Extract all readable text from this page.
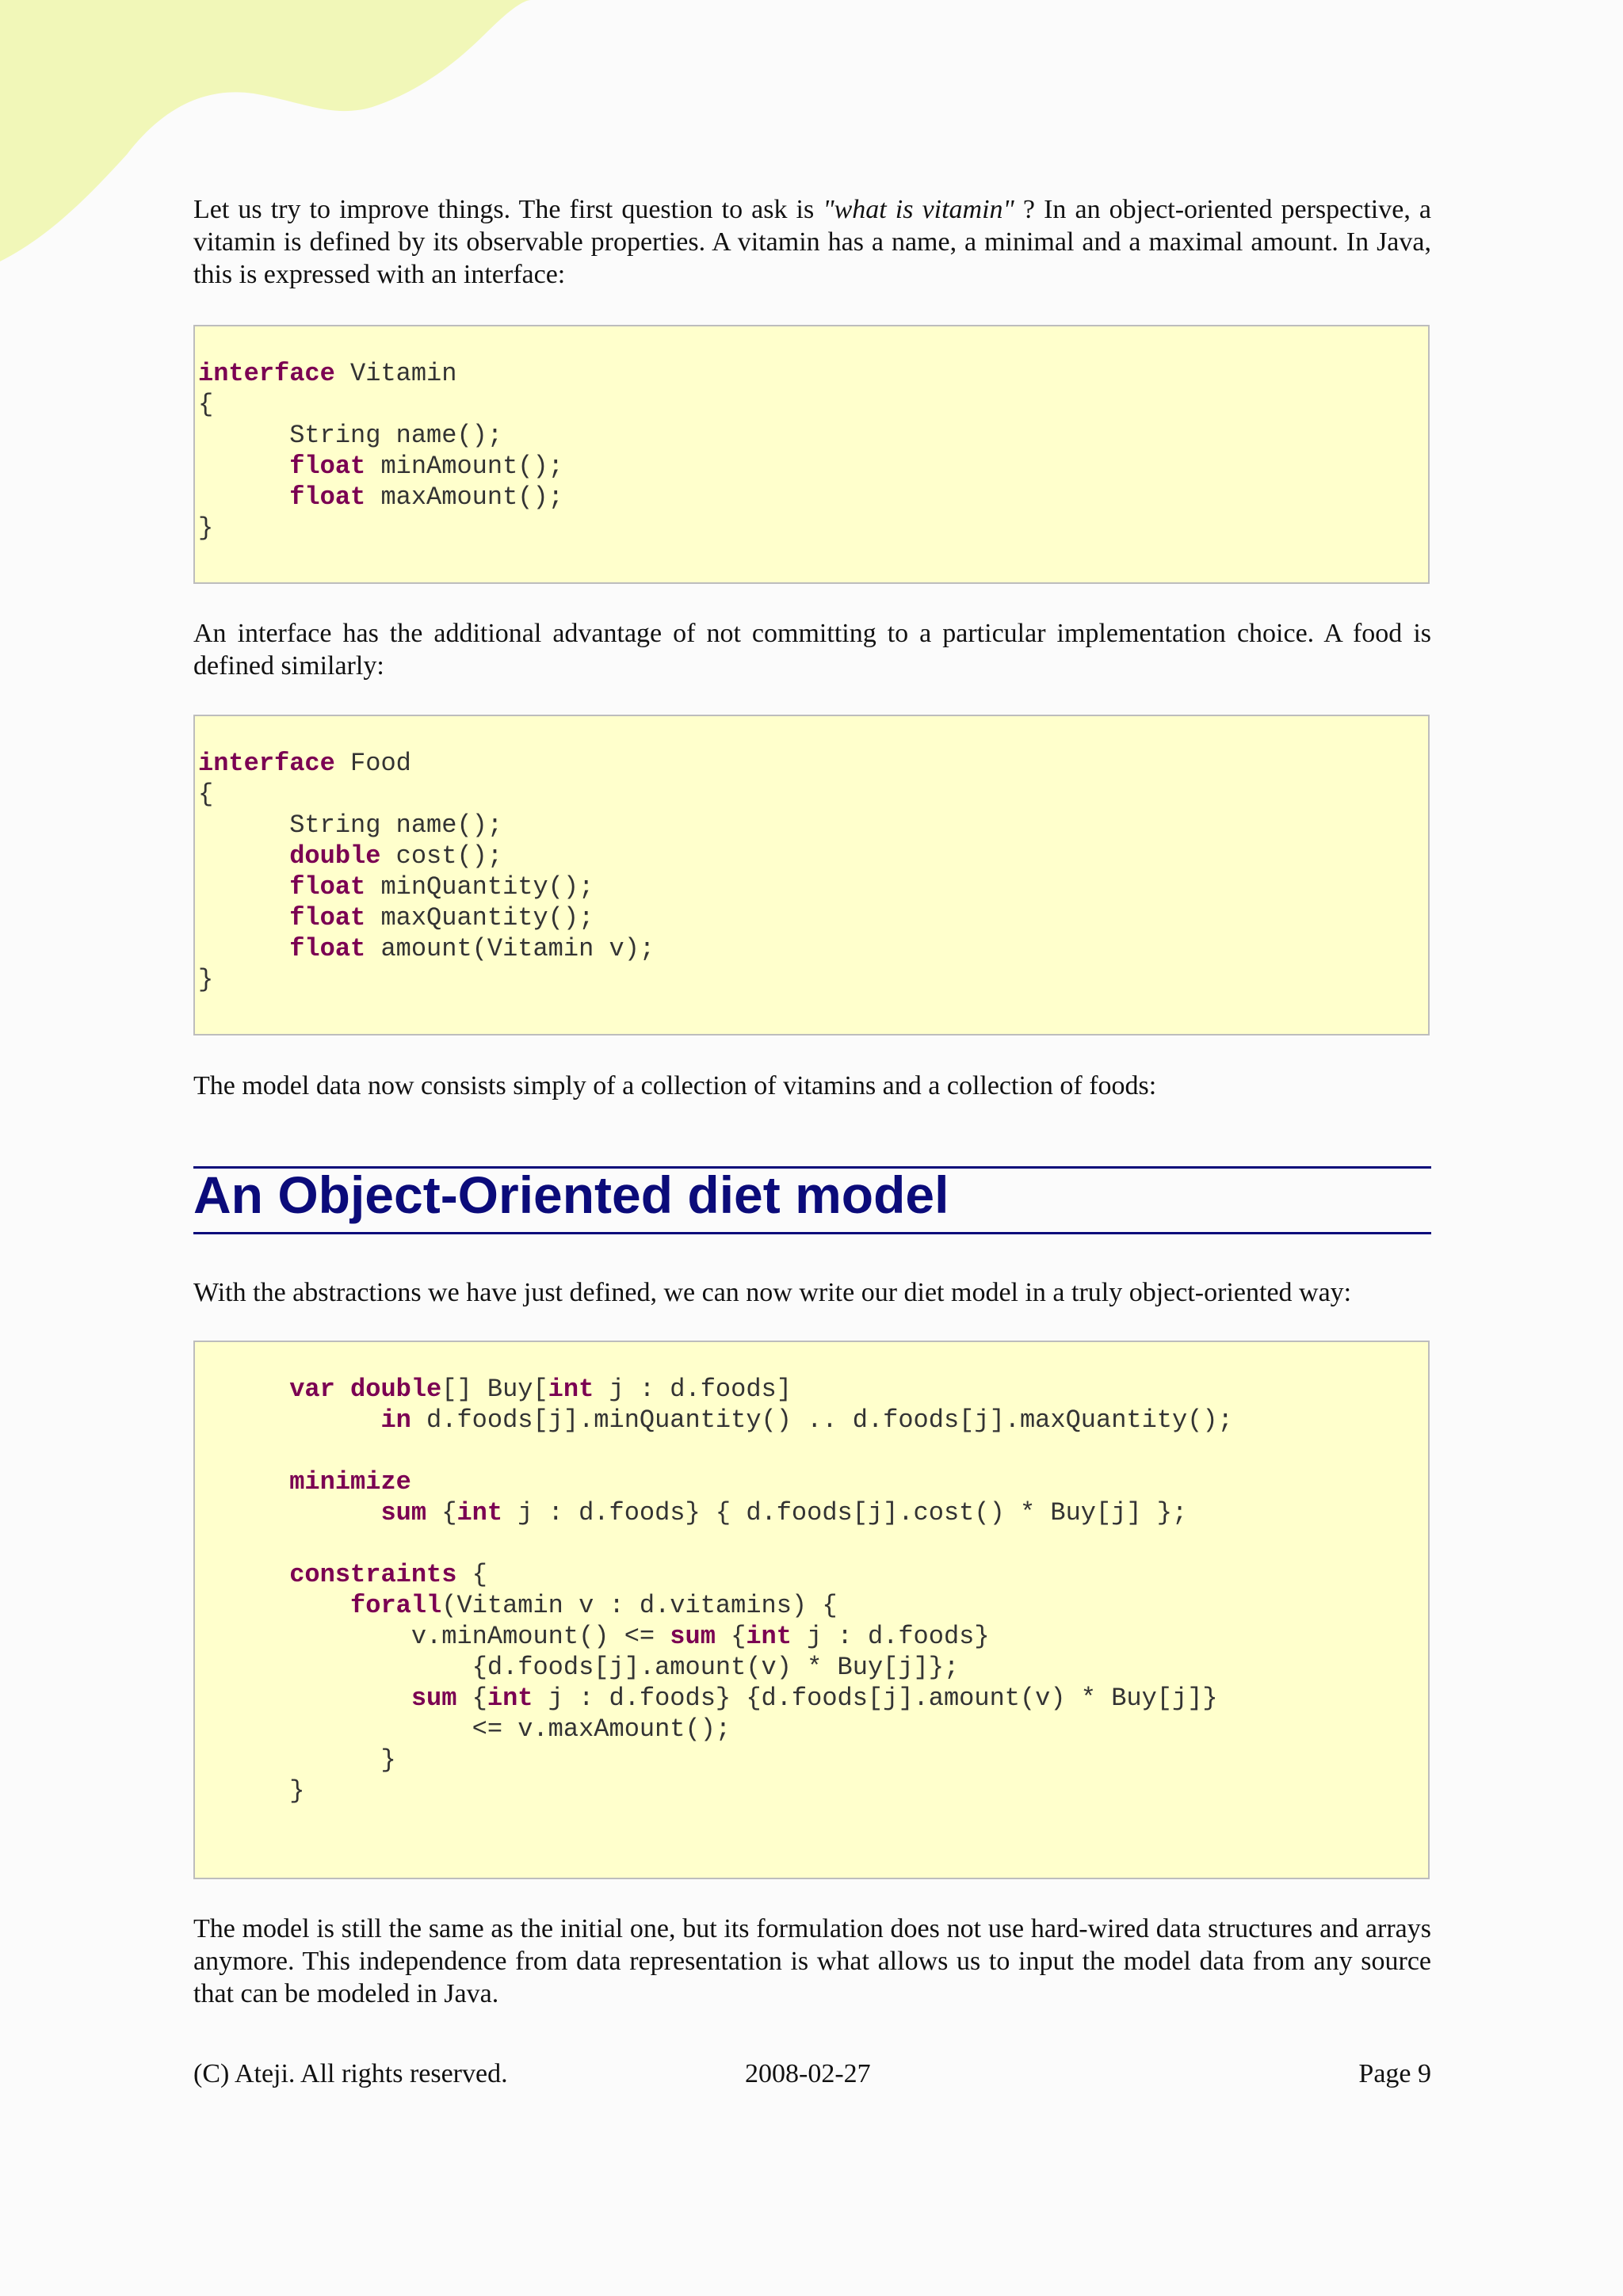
Let us try to improve things. The first question to ask is "what is vitamin" ? In an object-oriented perspective, a vitamin is defined by its observable properties. A vitamin has a name, a minimal and a maximal amount. In Java, this is expressed with an interface:

interface Vitamin
{
String name();
float minAmount();
float maxAmount();
}

An interface has the additional advantage of not committing to a particular implementation choice. A food is defined similarly:

interface Food
{
String name();
double cost();
float minQuantity();
float maxQuantity();
float amount(Vitamin v);
}

The model data now consists simply of a collection of vitamins and a collection of foods:

An Object-Oriented diet model

With the abstractions we have just defined, we can now write our diet model in a truly object-oriented way:

var double[] Buy[int j : d.foods]
in d.foods[j].minQuantity() .. d.foods[j].maxQuantity();

minimize
sum {int j : d.foods} { d.foods[j].cost() * Buy[j] };

constraints {
forall(Vitamin v : d.vitamins) {
v.minAmount() <= sum {int j : d.foods}
{d.foods[j].amount(v) * Buy[j]};
sum {int j : d.foods} {d.foods[j].amount(v) * Buy[j]}
<= v.maxAmount();
}
}

The model is still the same as the initial one, but its formulation does not use hard-wired data structures and arrays anymore. This independence from data representation is what allows us to input the model data from any source that can be modeled in Java.

(C) Ateji. All rights reserved.	2008-02-27	Page 9
